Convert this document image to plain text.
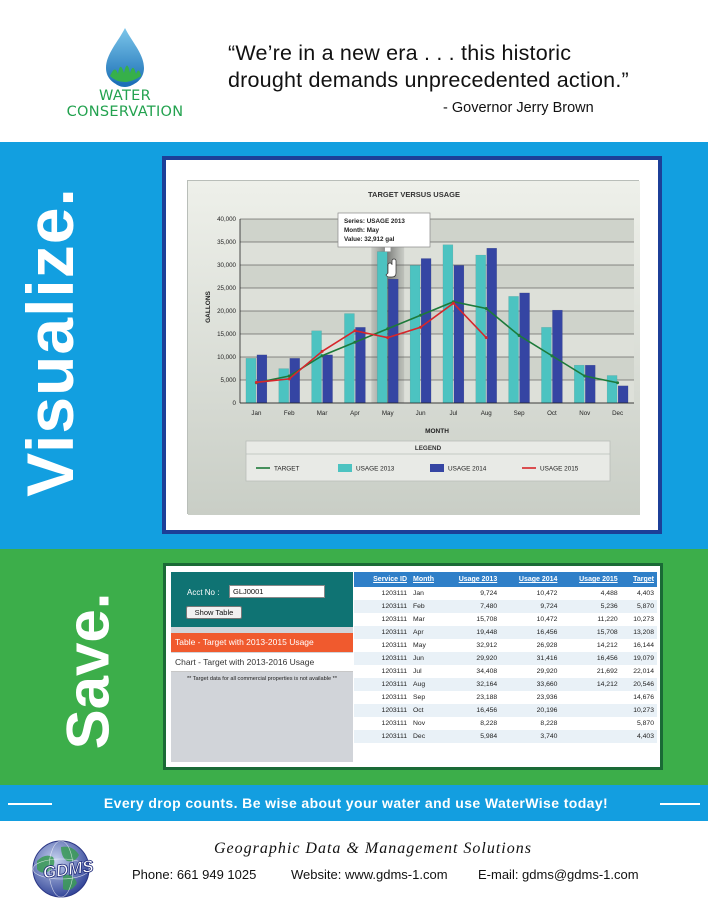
WATER
CONSERVATION
“We’re in a new era . . . this historic
drought demands unprecedented action.”
- Governor Jerry Brown
Visualize.	TARGET VERSUS USAGE
0
5,000
10,000
15,000
20,000
25,000
30,000
35,000
40,000
Jan	Feb	Mar	Apr	May	Jun	Jul	Aug	Sep	Oct	Nov	Dec
GALLONS
MONTH
Series: USAGE 2013
Month: May
Value: 32,912 gal
LEGEND
TARGET	USAGE 2013	USAGE 2014	USAGE 2015
Save.
Acct No :
GLJ0001
Show Table
Table - Target with 2013-2015 Usage
Chart - Target with 2013-2016 Usage
** Target data for all commercial properties is not available **
Service ID	Month	Usage 2013	Usage 2014	Usage 2015	Target
1203111	Jan	9,724	10,472	4,488	4,403
1203111	Feb	7,480	9,724	5,236	5,870
1203111	Mar	15,708	10,472	11,220	10,273
1203111	Apr	19,448	16,456	15,708	13,208
1203111	May	32,912	26,928	14,212	16,144
1203111	Jun	29,920	31,416	16,456	19,079
1203111	Jul	34,408	29,920	21,692	22,014
1203111	Aug	32,164	33,660	14,212	20,546
1203111	Sep	23,188	23,936		14,676
1203111	Oct	16,456	20,196		10,273
1203111	Nov	8,228	8,228		5,870
1203111	Dec	5,984	3,740		4,403
Every drop counts. Be wise about your water and use WaterWise today!
GDMS
Geographic Data & Management Solutions
Phone: 661 949 1025	Website: www.gdms-1.com E-mail: gdms@gdms-1.com
